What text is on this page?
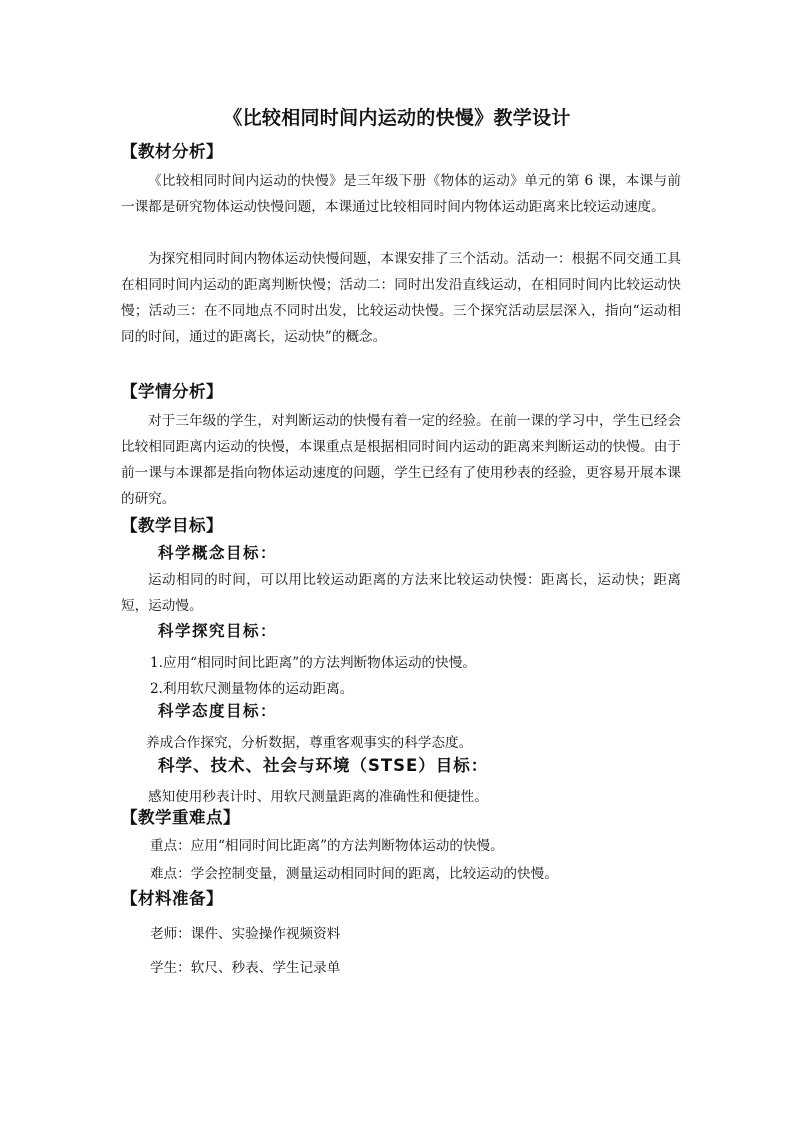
《比较相同时间内运动的快慢》教学设计
【教材分析】

《比较相同时间内运动的快慢》是三年级下册《物体的运动》单元的第 6 课，本课与前一课都是研究物体运动快慢问题，本课通过比较相同时间内物体运动距离来比较运动速度。

为探究相同时间内物体运动快慢问题，本课安排了三个活动。活动一：根据不同交通工具在相同时间内运动的距离判断快慢；活动二：同时出发沿直线运动，在相同时间内比较运动快慢；活动三：在不同地点不同时出发，比较运动快慢。三个探究活动层层深入，指向“运动相同的时间，通过的距离长，运动快”的概念。

【学情分析】

对于三年级的学生，对判断运动的快慢有着一定的经验。在前一课的学习中，学生已经会比较相同距离内运动的快慢，本课重点是根据相同时间内运动的距离来判断运动的快慢。由于前一课与本课都是指向物体运动速度的问题，学生已经有了使用秒表的经验，更容易开展本课的研究。

【教学目标】
科学概念目标：

运动相同的时间，可以用比较运动距离的方法来比较运动快慢：距离长，运动快；距离短，运动慢。

科学探究目标：

1.应用“相同时间比距离”的方法判断物体运动的快慢。

2.利用软尺测量物体的运动距离。

科学态度目标：

养成合作探究，分析数据，尊重客观事实的科学态度。

科学、技术、社会与环境（STSE）目标：

感知使用秒表计时、用软尺测量距离的准确性和便捷性。

【教学重难点】

重点：应用“相同时间比距离”的方法判断物体运动的快慢。

难点：学会控制变量，测量运动相同时间的距离，比较运动的快慢。

【材料准备】

老师：课件、实验操作视频资料

学生：软尺、秒表、学生记录单
